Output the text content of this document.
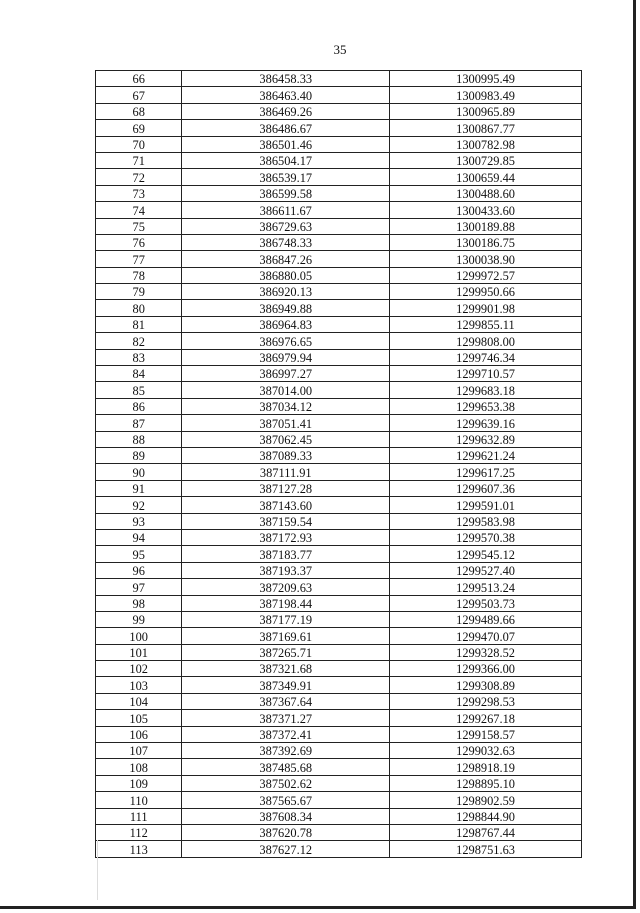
35
66	386458.33	1300995.49
67	386463.40	1300983.49
68	386469.26	1300965.89
69	386486.67	1300867.77
70	386501.46	1300782.98
71	386504.17	1300729.85
72	386539.17	1300659.44
73	386599.58	1300488.60
74	386611.67	1300433.60
75	386729.63	1300189.88
76	386748.33	1300186.75
77	386847.26	1300038.90
78	386880.05	1299972.57
79	386920.13	1299950.66
80	386949.88	1299901.98
81	386964.83	1299855.11
82	386976.65	1299808.00
83	386979.94	1299746.34
84	386997.27	1299710.57
85	387014.00	1299683.18
86	387034.12	1299653.38
87	387051.41	1299639.16
88	387062.45	1299632.89
89	387089.33	1299621.24
90	387111.91	1299617.25
91	387127.28	1299607.36
92	387143.60	1299591.01
93	387159.54	1299583.98
94	387172.93	1299570.38
95	387183.77	1299545.12
96	387193.37	1299527.40
97	387209.63	1299513.24
98	387198.44	1299503.73
99	387177.19	1299489.66
100	387169.61	1299470.07
101	387265.71	1299328.52
102	387321.68	1299366.00
103	387349.91	1299308.89
104	387367.64	1299298.53
105	387371.27	1299267.18
106	387372.41	1299158.57
107	387392.69	1299032.63
108	387485.68	1298918.19
109	387502.62	1298895.10
110	387565.67	1298902.59
111	387608.34	1298844.90
112	387620.78	1298767.44
113	387627.12	1298751.63
